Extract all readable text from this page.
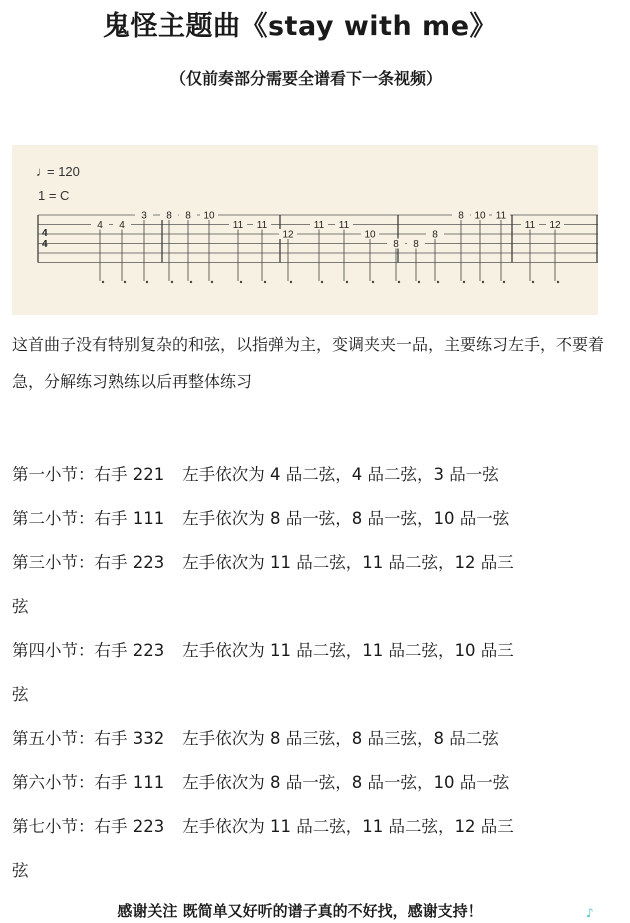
鬼怪主题曲《stay with me》
（仅前奏部分需要全谱看下一条视频）
♩
= 120
1 = C
4
4
4 4
3 8 8 10
11 11
12
11 11
10
8 8
8
8 10 11
11 12
这首曲子没有特别复杂的和弦，以指弹为主，变调夹夹一品，主要练习左手，不要着急，分解练习熟练以后再整体练习
第一小节：右手 221 左手依次为 4 品二弦，4 品二弦，3 品一弦
第二小节：右手 111 左手依次为 8 品一弦，8 品一弦，10 品一弦
第三小节：右手 223 左手依次为 11 品二弦，11 品二弦，12 品三
弦
第四小节：右手 223 左手依次为 11 品二弦，11 品二弦，10 品三
弦
第五小节：右手 332 左手依次为 8 品三弦，8 品三弦，8 品二弦
第六小节：右手 111 左手依次为 8 品一弦，8 品一弦，10 品一弦
第七小节：右手 223 左手依次为 11 品二弦，11 品二弦，12 品三
弦
感谢关注 既简单又好听的谱子真的不好找，感谢支持！	♪
